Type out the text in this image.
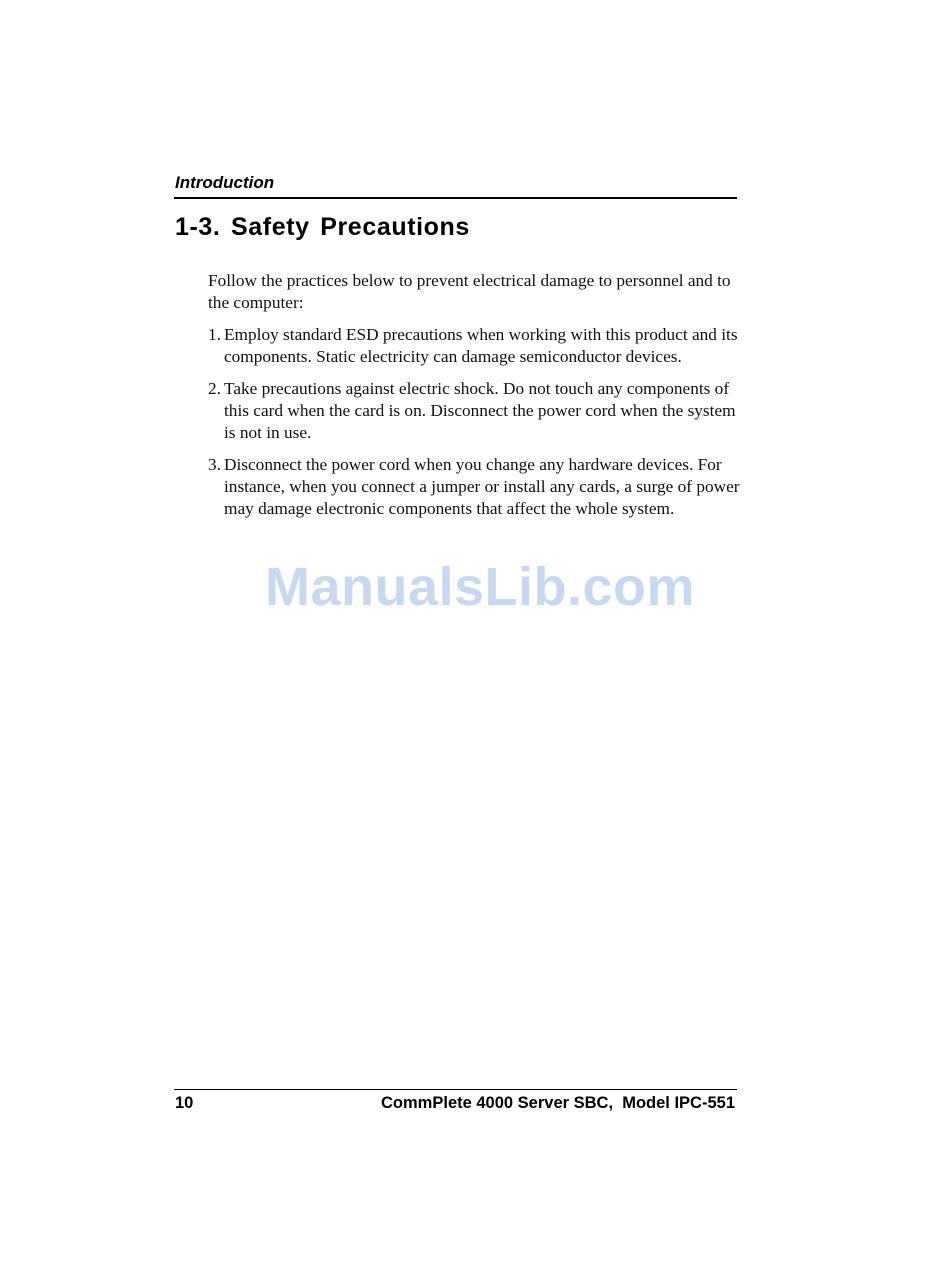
Introduction
1-3. Safety Precautions

Follow the practices below to prevent electrical damage to personnel and to the computer:

1. Employ standard ESD precautions when working with this product and its components. Static electricity can damage semiconductor devices.
2. Take precautions against electric shock. Do not touch any components of this card when the card is on. Disconnect the power cord when the system is not in use.
3. Disconnect the power cord when you change any hardware devices. For instance, when you connect a jumper or install any cards, a surge of power may damage electronic components that affect the whole system.
ManualsLib.com
10	CommPlete 4000 Server SBC,  Model IPC-551
